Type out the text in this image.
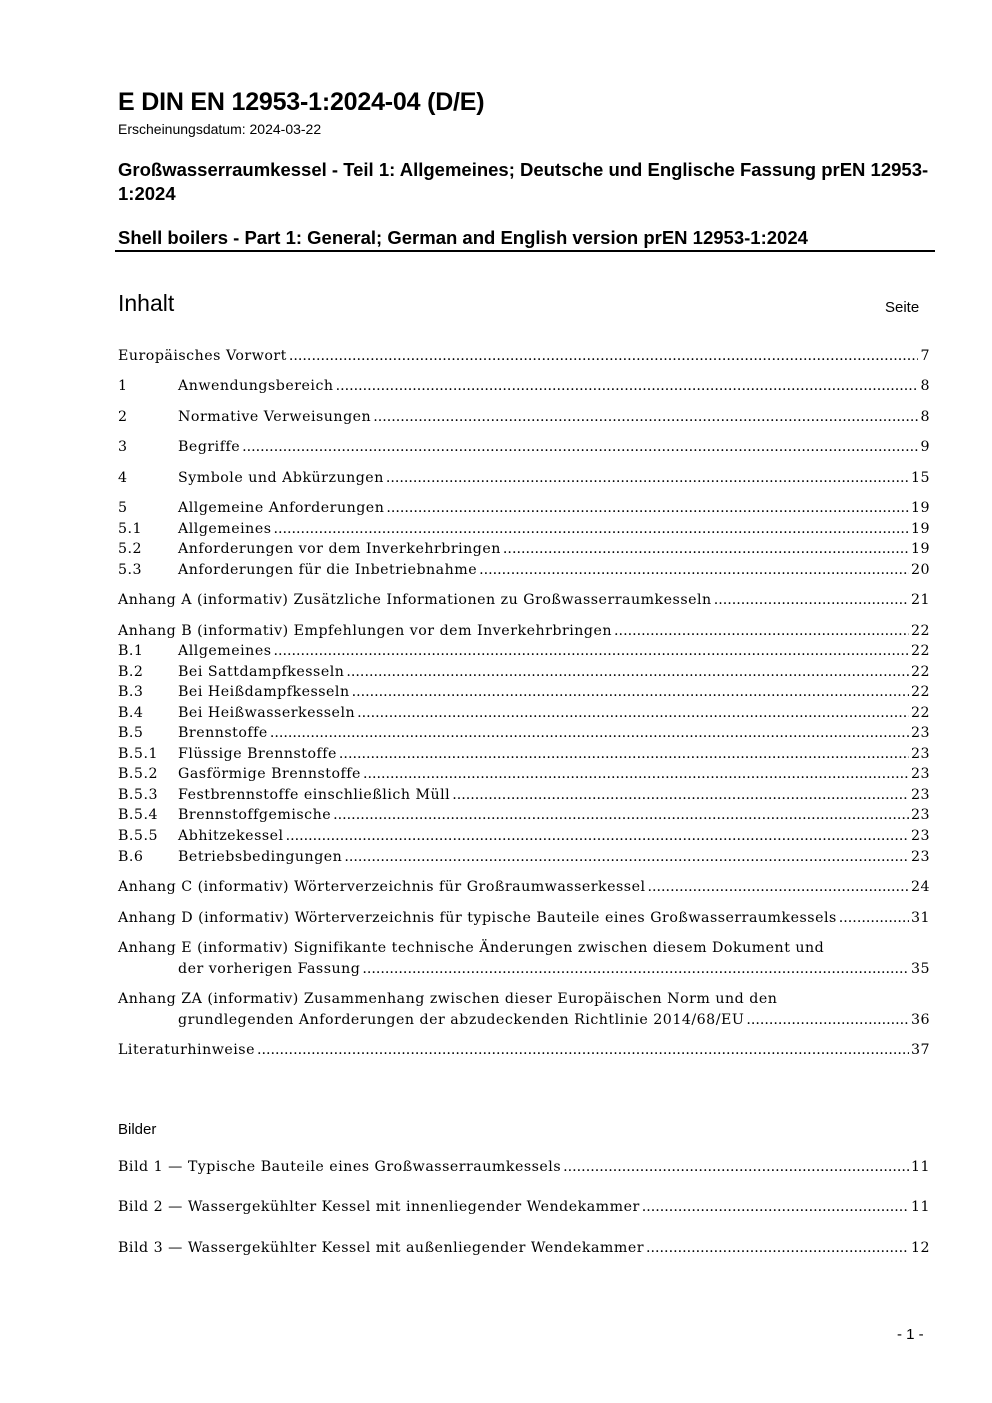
E DIN EN 12953-1:2024-04 (D/E)
Erscheinungsdatum: 2024-03-22
Großwasserraumkessel - Teil 1: Allgemeines; Deutsche und Englische Fassung prEN 12953-1:2024
Shell boilers - Part 1: General; German and English version prEN 12953-1:2024
Inhalt	Seite
Europäisches Vorwort .....	7
1	Anwendungsbereich .....	8
2	Normative Verweisungen .....	8
3	Begriffe .....	9
4	Symbole und Abkürzungen .....	15
5	Allgemeine Anforderungen .....	19
5.1	Allgemeines .....	19
5.2	Anforderungen vor dem Inverkehrbringen .....	19
5.3	Anforderungen für die Inbetriebnahme .....	20
Anhang A (informativ) Zusätzliche Informationen zu Großwasserraumkesseln .....	21
Anhang B (informativ) Empfehlungen vor dem Inverkehrbringen .....	22
B.1	Allgemeines .....	22
B.2	Bei Sattdampfkesseln .....	22
B.3	Bei Heißdampfkesseln .....	22
B.4	Bei Heißwasserkesseln .....	22
B.5	Brennstoffe .....	23
B.5.1	Flüssige Brennstoffe .....	23
B.5.2	Gasförmige Brennstoffe .....	23
B.5.3	Festbrennstoffe einschließlich Müll .....	23
B.5.4	Brennstoffgemische .....	23
B.5.5	Abhitzekessel .....	23
B.6	Betriebsbedingungen .....	23
Anhang C (informativ) Wörterverzeichnis für Großraumwasserkessel .....	24
Anhang D (informativ) Wörterverzeichnis für typische Bauteile eines Großwasserraumkessels .....	31
Anhang E (informativ) Signifikante technische Änderungen zwischen diesem Dokument und
der vorherigen Fassung .....	35
Anhang ZA (informativ) Zusammenhang zwischen dieser Europäischen Norm und den
grundlegenden Anforderungen der abzudeckenden Richtlinie 2014/68/EU .....	36
Literaturhinweise .....	37
Bilder
Bild 1 — Typische Bauteile eines Großwasserraumkessels .....	11
Bild 2 — Wassergekühlter Kessel mit innenliegender Wendekammer .....	11
Bild 3 — Wassergekühlter Kessel mit außenliegender Wendekammer .....	12
- 1 -
